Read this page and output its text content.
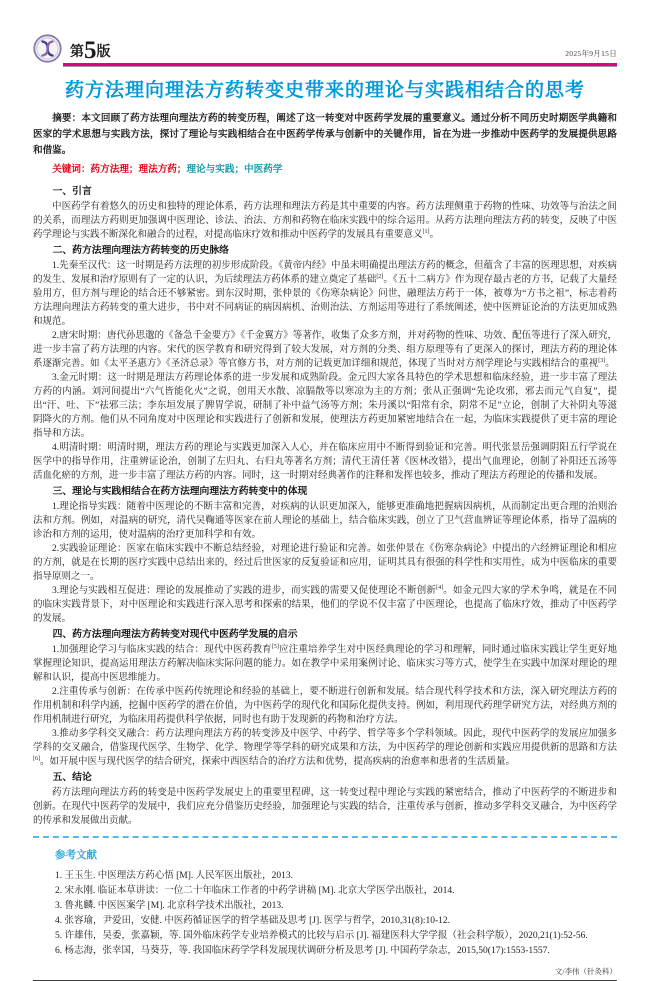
第5版	2025年9月15日
药方法理向理法方药转变史带来的理论与实践相结合的思考

摘要：本文回顾了药方法理向理法方药的转变历程，阐述了这一转变对中医药学发展的重要意义。通过分析不同历史时期医学典籍和医家的学术思想与实践方法，探讨了理论与实践相结合在中医药学传承与创新中的关键作用，旨在为进一步推动中医药学的发展提供思路和借鉴。

关键词：药方法理；理法方药；理论与实践；中医药学

一、引言

中医药学有着悠久的历史和独特的理论体系，药方法理和理法方药是其中重要的内容。药方法理侧重于药物的性味、功效等与治法之间的关系，而理法方药则更加强调中医理论、诊法、治法、方剂和药物在临床实践中的综合运用。从药方法理向理法方药的转变，反映了中医药学理论与实践不断深化和融合的过程，对提高临床疗效和推动中医药学的发展具有重要意义[1]。

二、药方法理向理法方药转变的历史脉络

1.先秦至汉代：这一时期是药方法理的初步形成阶段。《黄帝内经》中虽未明确提出理法方药的概念，但蕴含了丰富的医理思想，对疾病的发生、发展和治疗原则有了一定的认识，为后续理法方药体系的建立奠定了基础[2]。《五十二病方》作为现存最古老的方书，记载了大量经验用方，但方剂与理论的结合还不够紧密。到东汉时期，张仲景的《伤寒杂病论》问世，融理法方药于一体，被尊为“方书之祖”，标志着药方法理向理法方药转变的重大进步，书中对不同病证的病因病机、治则治法、方剂运用等进行了系统阐述，使中医辨证论治的方法更加成熟和规范。

2.唐宋时期：唐代孙思邈的《备急千金要方》《千金翼方》等著作，收集了众多方剂，并对药物的性味、功效、配伍等进行了深入研究，进一步丰富了药方法理的内容。宋代的医学教育和研究得到了较大发展，对方剂的分类、组方原理等有了更深入的探讨，理法方药的理论体系逐渐完善。如《太平圣惠方》《圣济总录》等官修方书，对方剂的记载更加详细和规范，体现了当时对方剂学理论与实践相结合的重视[3]。

3.金元时期：这一时期是理法方药理论体系的进一步发展和成熟阶段。金元四大家各具特色的学术思想和临床经验，进一步丰富了理法方药的内涵。刘河间提出“六气皆能化火”之说，创用天水散、凉膈散等以寒凉为主的方剂；张从正强调“先论攻邪，邪去而元气自复”，提出“汗、吐、下”祛邪三法；李东垣发展了脾胃学说，研制了补中益气汤等方剂；朱丹溪以“阳常有余，阴常不足”立论，创制了大补阴丸等滋阴降火的方剂。他们从不同角度对中医理论和实践进行了创新和发展，使理法方药更加紧密地结合在一起，为临床实践提供了更丰富的理论指导和方法。

4.明清时期：明清时期，理法方药的理论与实践更加深入人心，并在临床应用中不断得到验证和完善。明代张景岳强调阴阳五行学说在医学中的指导作用，注重辨证论治，创制了左归丸、右归丸等著名方剂；清代王清任著《医林改错》，提出气血理论，创制了补阳还五汤等活血化瘀的方剂，进一步丰富了理法方药的内容。同时，这一时期对经典著作的注释和发挥也较多，推动了理法方药理论的传播和发展。

三、理论与实践相结合在药方法理向理法方药转变中的体现

1.理论指导实践：随着中医理论的不断丰富和完善，对疾病的认识更加深入，能够更准确地把握病因病机，从而制定出更合理的治则治法和方剂。例如，对温病的研究，清代吴鞠通等医家在前人理论的基础上，结合临床实践，创立了卫气营血辨证等理论体系，指导了温病的诊治和方剂的运用，使对温病的治疗更加科学和有效。

2.实践验证理论：医家在临床实践中不断总结经验，对理论进行验证和完善。如张仲景在《伤寒杂病论》中提出的六经辨证理论和相应的方剂，就是在长期的医疗实践中总结出来的，经过后世医家的反复验证和应用，证明其具有很强的科学性和实用性，成为中医临床的重要指导原则之一。

3.理论与实践相互促进：理论的发展推动了实践的进步，而实践的需要又促使理论不断创新[4]。如金元四大家的学术争鸣，就是在不同的临床实践背景下，对中医理论和实践进行深入思考和探索的结果，他们的学说不仅丰富了中医理论，也提高了临床疗效，推动了中医药学的发展。

四、药方法理向理法方药转变对现代中医药学发展的启示

1.加强理论学习与临床实践的结合：现代中医药教育[5]应注重培养学生对中医经典理论的学习和理解，同时通过临床实践让学生更好地掌握理论知识，提高运用理法方药解决临床实际问题的能力。如在教学中采用案例讨论、临床实习等方式，使学生在实践中加深对理论的理解和认识，提高中医思维能力。

2.注重传承与创新：在传承中医药传统理论和经验的基础上，要不断进行创新和发展。结合现代科学技术和方法，深入研究理法方药的作用机制和科学内涵，挖掘中医药学的潜在价值，为中医药学的现代化和国际化提供支持。例如，利用现代药理学研究方法，对经典方剂的作用机制进行研究，为临床用药提供科学依据，同时也有助于发现新的药物和治疗方法。

3.推动多学科交叉融合：药方法理向理法方药的转变涉及中医学、中药学、哲学等多个学科领域。因此，现代中医药学的发展应加强多学科的交叉融合，借鉴现代医学、生物学、化学、物理学等学科的研究成果和方法，为中医药学的理论创新和实践应用提供新的思路和方法[6]。如开展中医与现代医学的结合研究，探索中西医结合的治疗方法和优势，提高疾病的治愈率和患者的生活质量。

五、结论

药方法理向理法方药的转变是中医药学发展史上的重要里程碑，这一转变过程中理论与实践的紧密结合，推动了中医药学的不断进步和创新。在现代中医药学的发展中，我们应充分借鉴历史经验，加强理论与实践的结合，注重传承与创新，推动多学科交叉融合，为中医药学的传承和发展做出贡献。

参考文献
1. 王玉生. 中医理法方药心悟 [M]. 人民军医出版社，2013.
2. 宋永刚. 临证本草讲读：一位二十年临床工作者的中药学讲稿 [M]. 北京大学医学出版社，2014.
3. 鲁兆麟. 中医医案学 [M]. 北京科学技术出版社，2013.
4. 张容瑜，尹爱田，安健. 中医药循证医学的哲学基础及思考 [J]. 医学与哲学，2010,31(8):10-12.
5. 许雄伟，吴委，张嘉颖，等. 国外临床药学专业培养模式的比较与启示 [J]. 福建医科大学学报（社会科学版），2020,21(1):52-56.
6. 杨志海，张幸国，马葵芬，等. 我国临床药学学科发展现状调研分析及思考 [J]. 中国药学杂志，2015,50(17):1553-1557.
文/李伟（针灸科）
